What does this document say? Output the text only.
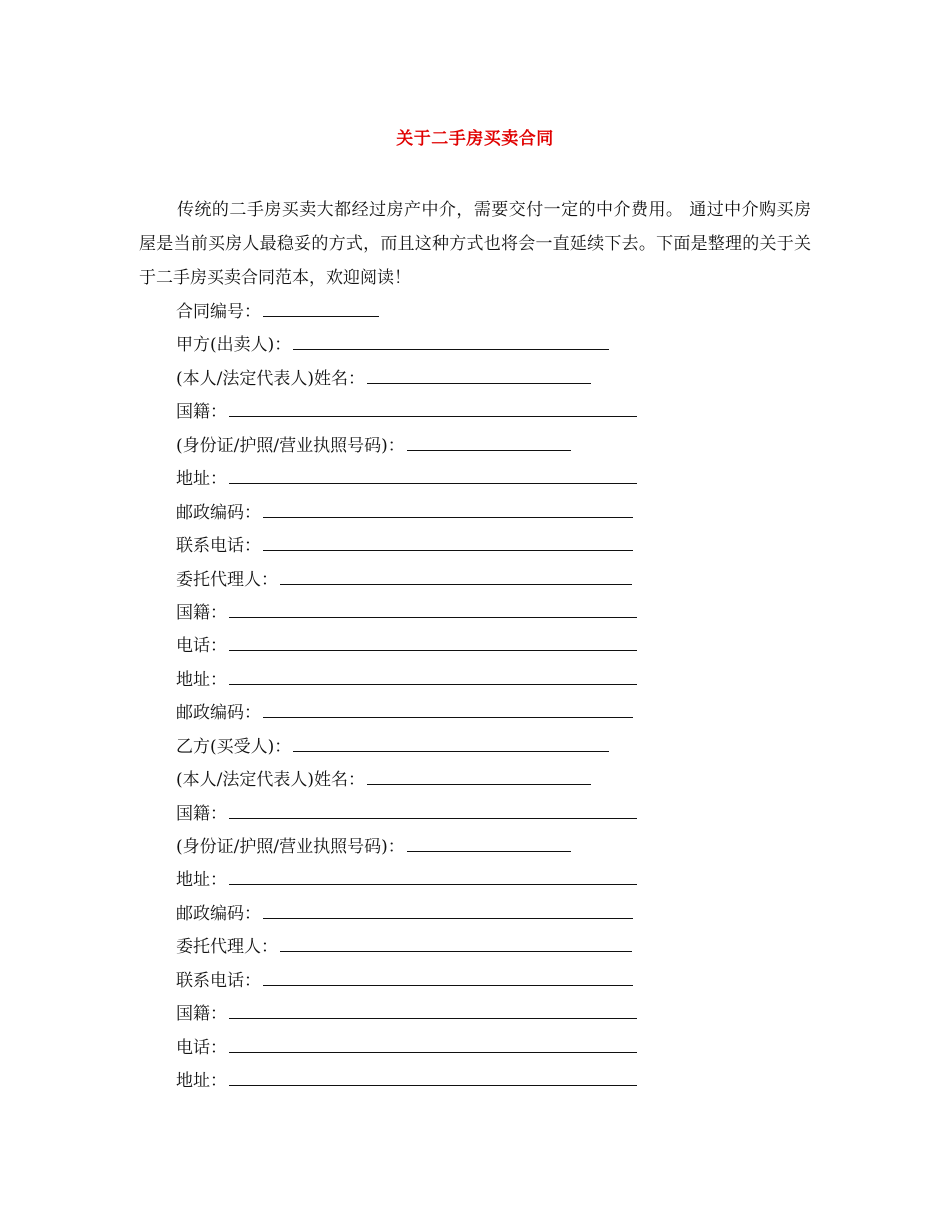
关于二手房买卖合同
传统的二手房买卖大都经过房产中介，需要交付一定的中介费用。 通过中介购买房屋是当前买房人最稳妥的方式，而且这种方式也将会一直延续下去。下面是整理的关于关于二手房买卖合同范本，欢迎阅读！
合同编号：
甲方(出卖人)：
(本人/法定代表人)姓名：
国籍：
(身份证/护照/营业执照号码)：
地址：
邮政编码：
联系电话：
委托代理人：
国籍：
电话：
地址：
邮政编码：
乙方(买受人)：
(本人/法定代表人)姓名：
国籍：
(身份证/护照/营业执照号码)：
地址：
邮政编码：
委托代理人：
联系电话：
国籍：
电话：
地址：
